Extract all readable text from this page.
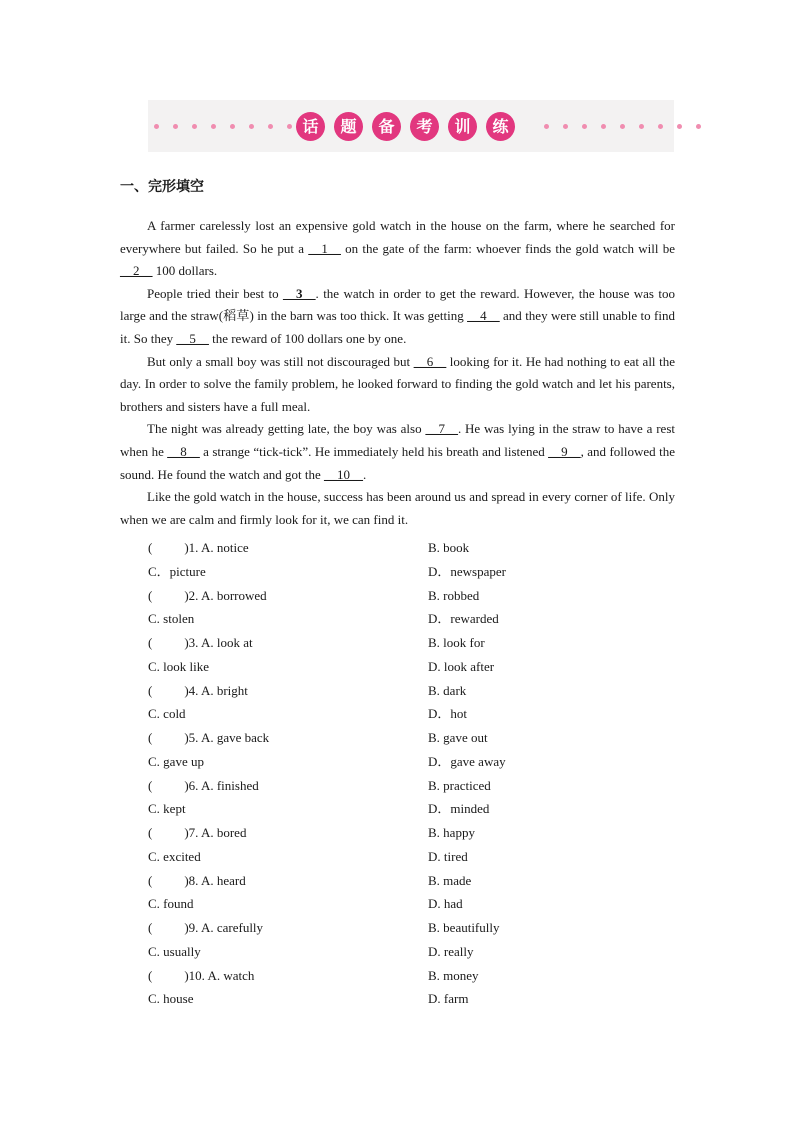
话	题	备	考	训	练
一、完形填空

A farmer carelessly lost an expensive gold watch in the house on the farm, where he searched for everywhere but failed. So he put a __1__ on the gate of the farm: whoever finds the gold watch will be __2__ 100 dollars.

People tried their best to __3__. the watch in order to get the reward. However, the house was too large and the straw(稻草) in the barn was too thick. It was getting __4__ and they were still unable to find it. So they __5__ the reward of 100 dollars one by one.

But only a small boy was still not discouraged but __6__ looking for it. He had nothing to eat all the day. In order to solve the family problem, he looked forward to finding the gold watch and let his parents, brothers and sisters have a full meal.

The night was already getting late, the boy was also __7__. He was lying in the straw to have a rest when he __8__ a strange “tick-tick”. He immediately held his breath and listened __9__, and followed the sound. He found the watch and got the __10__.

Like the gold watch in the house, success has been around us and spread in every corner of life. Only when we are calm and firmly look for it, we can find it.

( )1. A. notice	B. book
C．picture	D．newspaper
( )2. A. borrowed	B. robbed
C. stolen	D．rewarded
( )3. A. look at	B. look for
C. look like	D. look after
( )4. A. bright	B. dark
C. cold	D．hot
( )5. A. gave back	B. gave out
C. gave up	D．gave away
( )6. A. finished	B. practiced
C. kept	D．minded
( )7. A. bored	B. happy
C. excited	D. tired
( )8. A. heard	B. made
C. found	D. had
( )9. A. carefully	B. beautifully
C. usually	D. really
( )10. A. watch	B. money
C. house	D. farm
